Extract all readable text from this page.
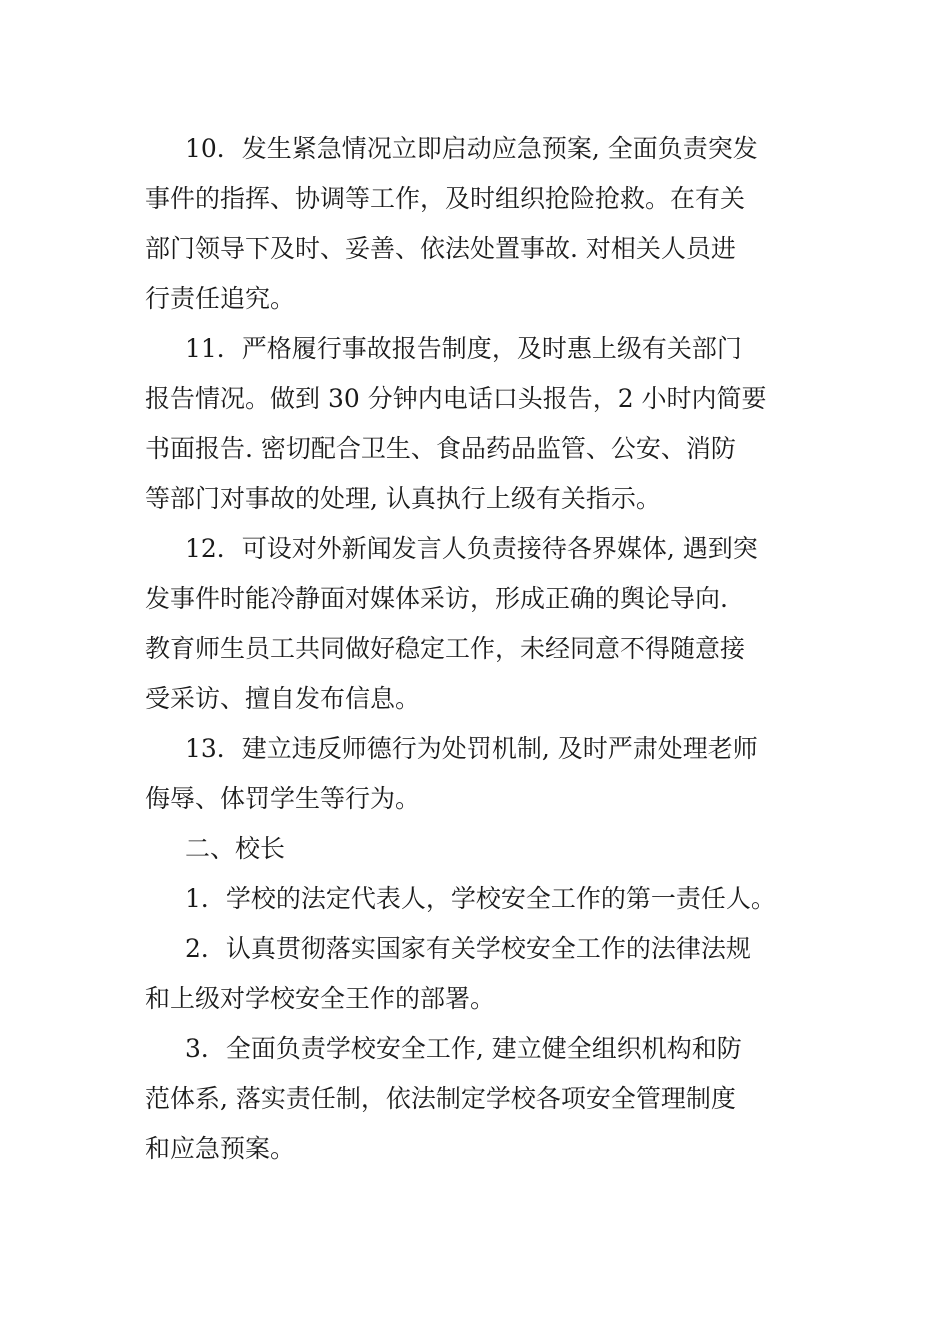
10．发生紧急情况立即启动应急预案, 全面负责突发

事件的指挥、协调等工作，及时组织抢险抢救。在有关

部门领导下及时、妥善、依法处置事故. 对相关人员进

行责任追究。

11．严格履行事故报告制度，及时惠上级有关部门

报告情况。做到 30 分钟内电话口头报告，2 小时内简要

书面报告. 密切配合卫生、食品药品监管、公安、消防

等部门对事故的处理, 认真执行上级有关指示。

12．可设对外新闻发言人负责接待各界媒体, 遇到突

发事件时能冷静面对媒体采访，形成正确的舆论导向.

教育师生员工共同做好稳定工作，未经同意不得随意接

受采访、擅自发布信息。

13．建立违反师德行为处罚机制, 及时严肃处理老师

侮辱、体罚学生等行为。

二、校长

1．学校的法定代表人，学校安全工作的第一责任人。

2．认真贯彻落实国家有关学校安全工作的法律法规

和上级对学校安全王作的部署。

3．全面负责学校安全工作, 建立健全组织机构和防

范体系, 落实责任制，依法制定学校各项安全管理制度

和应急预案。
